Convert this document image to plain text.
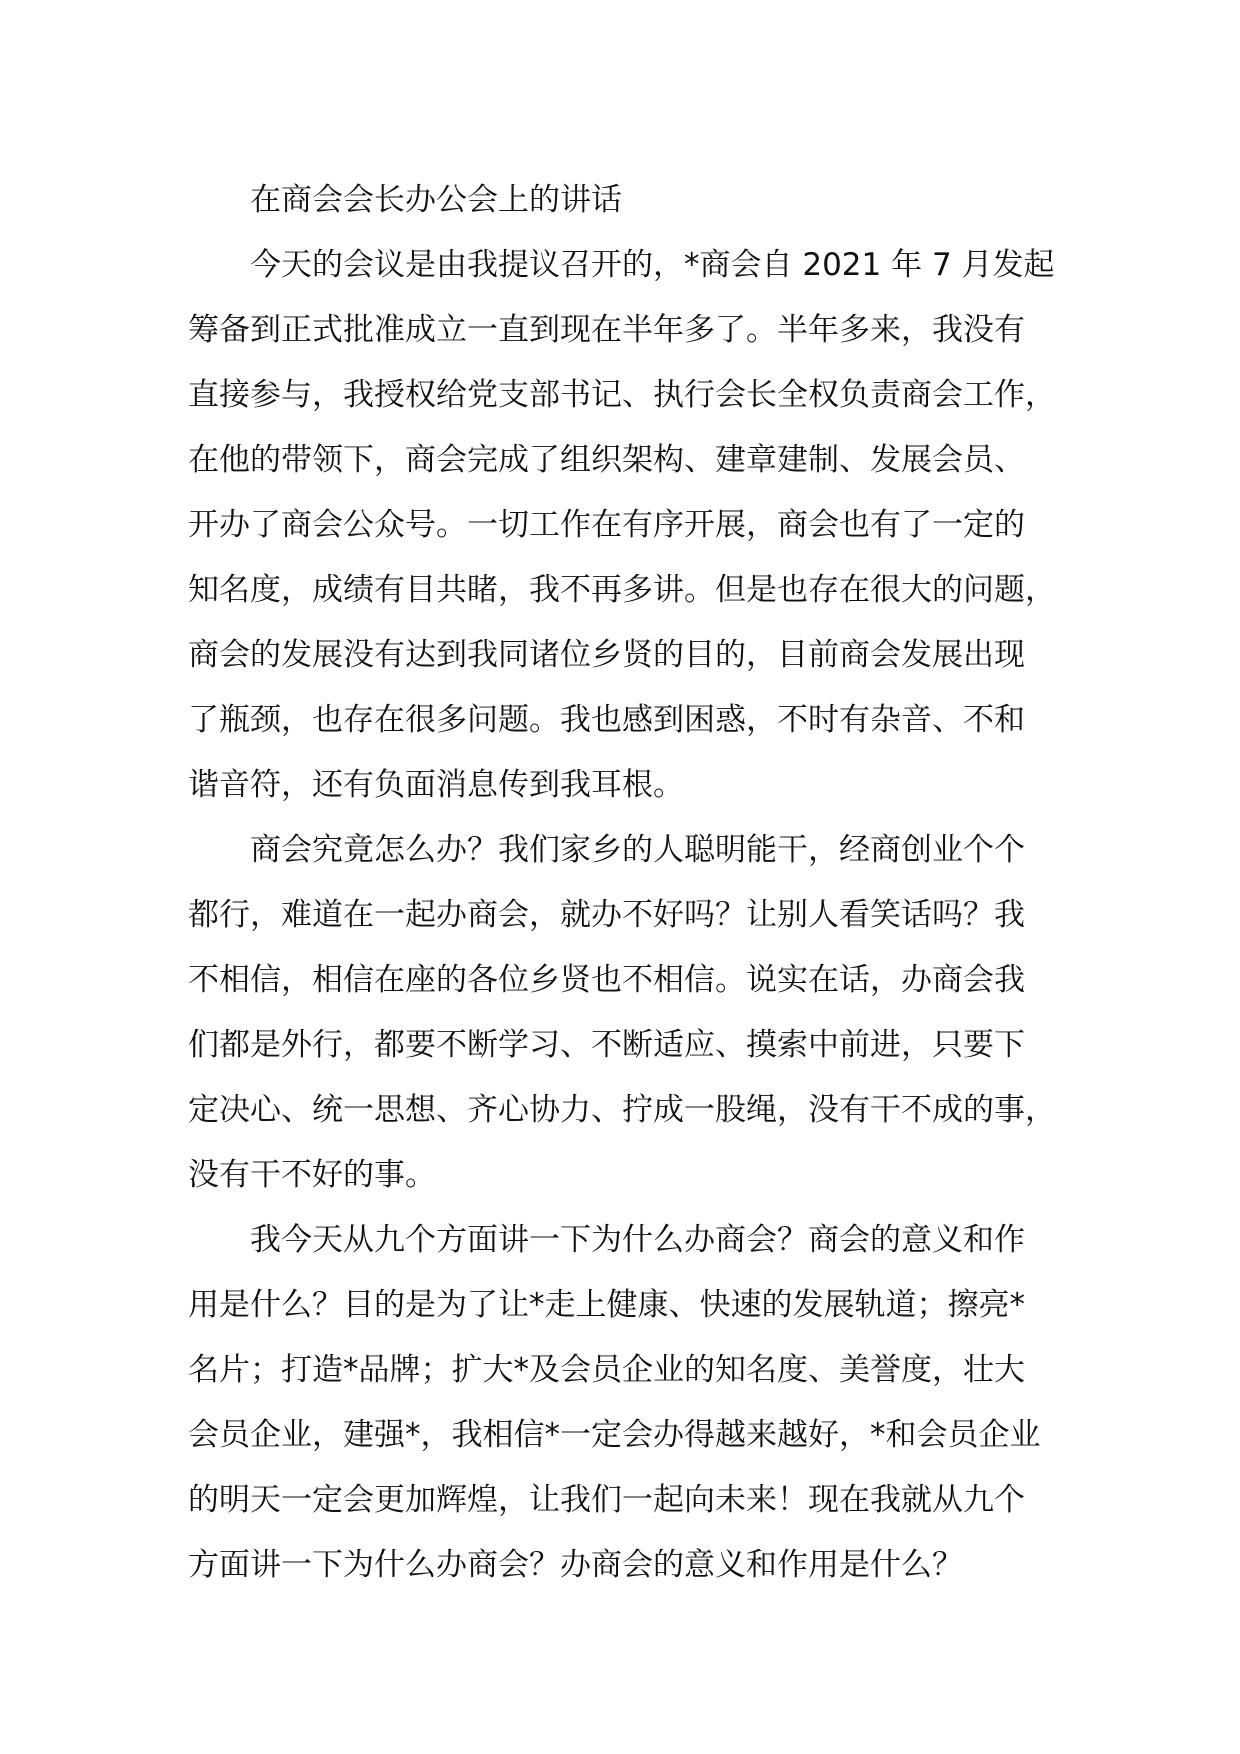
在商会会长办公会上的讲话

今天的会议是由我提议召开的，*商会自 2021 年 7 月发起
筹备到正式批准成立一直到现在半年多了。半年多来，我没有
直接参与，我授权给党支部书记、执行会长全权负责商会工作，
在他的带领下，商会完成了组织架构、建章建制、发展会员、
开办了商会公众号。一切工作在有序开展，商会也有了一定的
知名度，成绩有目共睹，我不再多讲。但是也存在很大的问题，
商会的发展没有达到我同诸位乡贤的目的，目前商会发展出现
了瓶颈，也存在很多问题。我也感到困惑，不时有杂音、不和
谐音符，还有负面消息传到我耳根。

商会究竟怎么办？我们家乡的人聪明能干，经商创业个个
都行，难道在一起办商会，就办不好吗？让别人看笑话吗？我
不相信，相信在座的各位乡贤也不相信。说实在话，办商会我
们都是外行，都要不断学习、不断适应、摸索中前进，只要下
定决心、统一思想、齐心协力、拧成一股绳，没有干不成的事，
没有干不好的事。

我今天从九个方面讲一下为什么办商会？商会的意义和作
用是什么？目的是为了让*走上健康、快速的发展轨道；擦亮*
名片；打造*品牌；扩大*及会员企业的知名度、美誉度，壮大
会员企业，建强*，我相信*一定会办得越来越好，*和会员企业
的明天一定会更加辉煌，让我们一起向未来！现在我就从九个
方面讲一下为什么办商会？办商会的意义和作用是什么？
